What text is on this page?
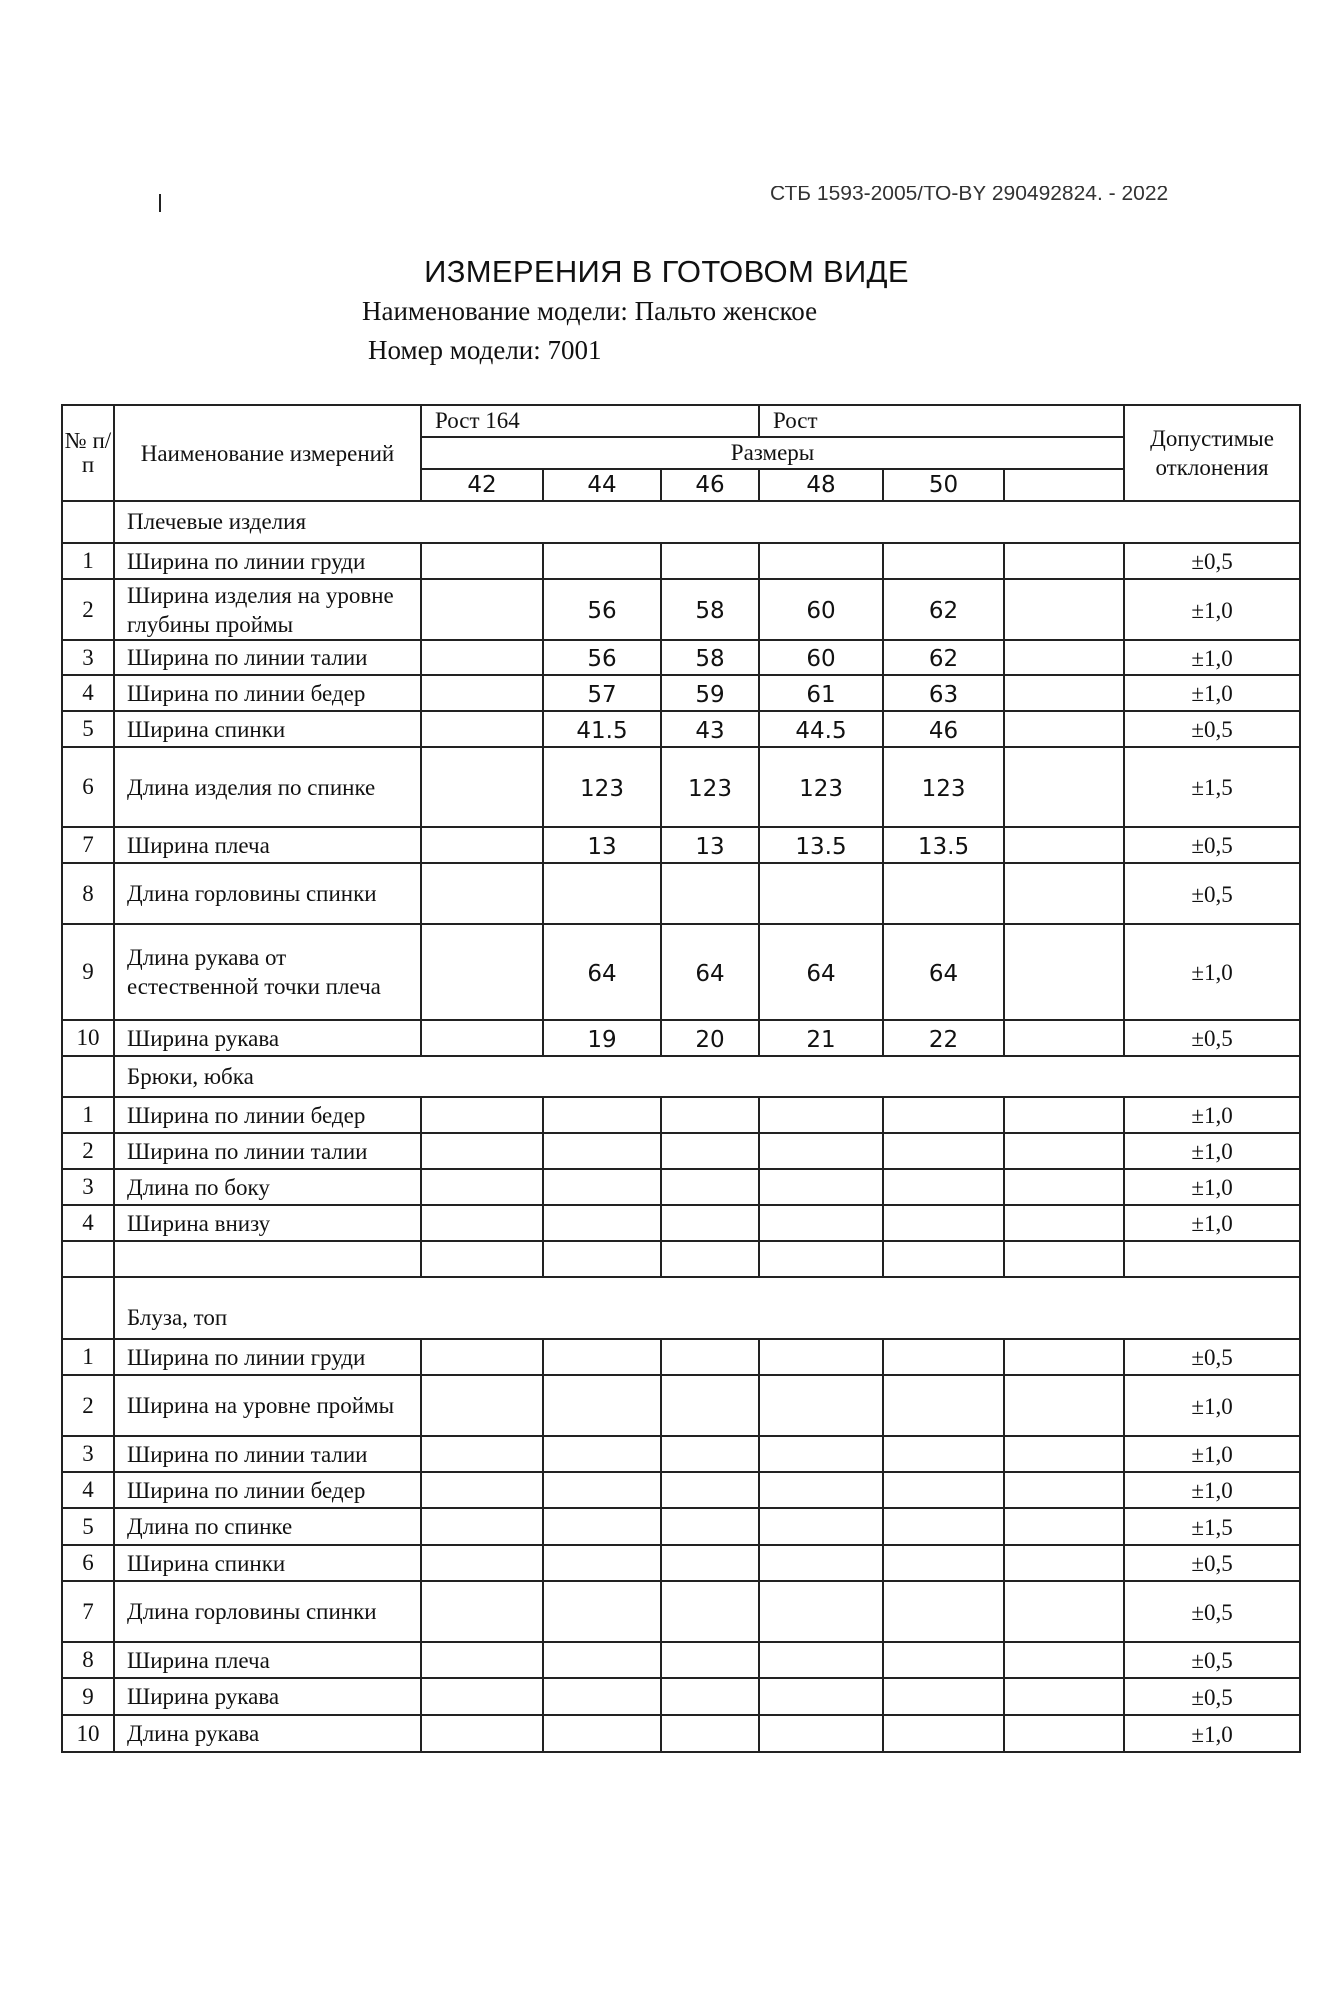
СТБ 1593-2005/ТО-BY 290492824. - 2022
ИЗМЕРЕНИЯ В ГОТОВОМ ВИДЕ
Наименование модели: Пальто женское
Номер модели: 7001
№ п/ п	Наименование измерений	Рост 164			Рост			Допустимые отклонения
		Размеры						
		42	44	46	48	50		
	Плечевые изделия							
1	Ширина по линии груди							±0,5
2	Ширина изделия на уровне глубины проймы		56	58	60	62		±1,0
3	Ширина по линии талии		56	58	60	62		±1,0
4	Ширина по линии бедер		57	59	61	63		±1,0
5	Ширина спинки		41.5	43	44.5	46		±0,5
6	Длина изделия по спинке		123	123	123	123		±1,5
7	Ширина плеча		13	13	13.5	13.5		±0,5
8	Длина горловины спинки							±0,5
9	Длина рукава от естественной точки плеча		64	64	64	64		±1,0
10	Ширина рукава		19	20	21	22		±0,5
	Брюки, юбка							
1	Ширина по линии бедер							±1,0
2	Ширина по линии талии							±1,0
3	Длина по боку							±1,0
4	Ширина внизу							±1,0

	Блуза, топ							
1	Ширина по линии груди							±0,5
2	Ширина на уровне проймы							±1,0
3	Ширина по линии талии							±1,0
4	Ширина по линии бедер							±1,0
5	Длина по спинке							±1,5
6	Ширина спинки							±0,5
7	Длина горловины спинки							±0,5
8	Ширина плеча							±0,5
9	Ширина рукава							±0,5
10	Длина рукава							±1,0
